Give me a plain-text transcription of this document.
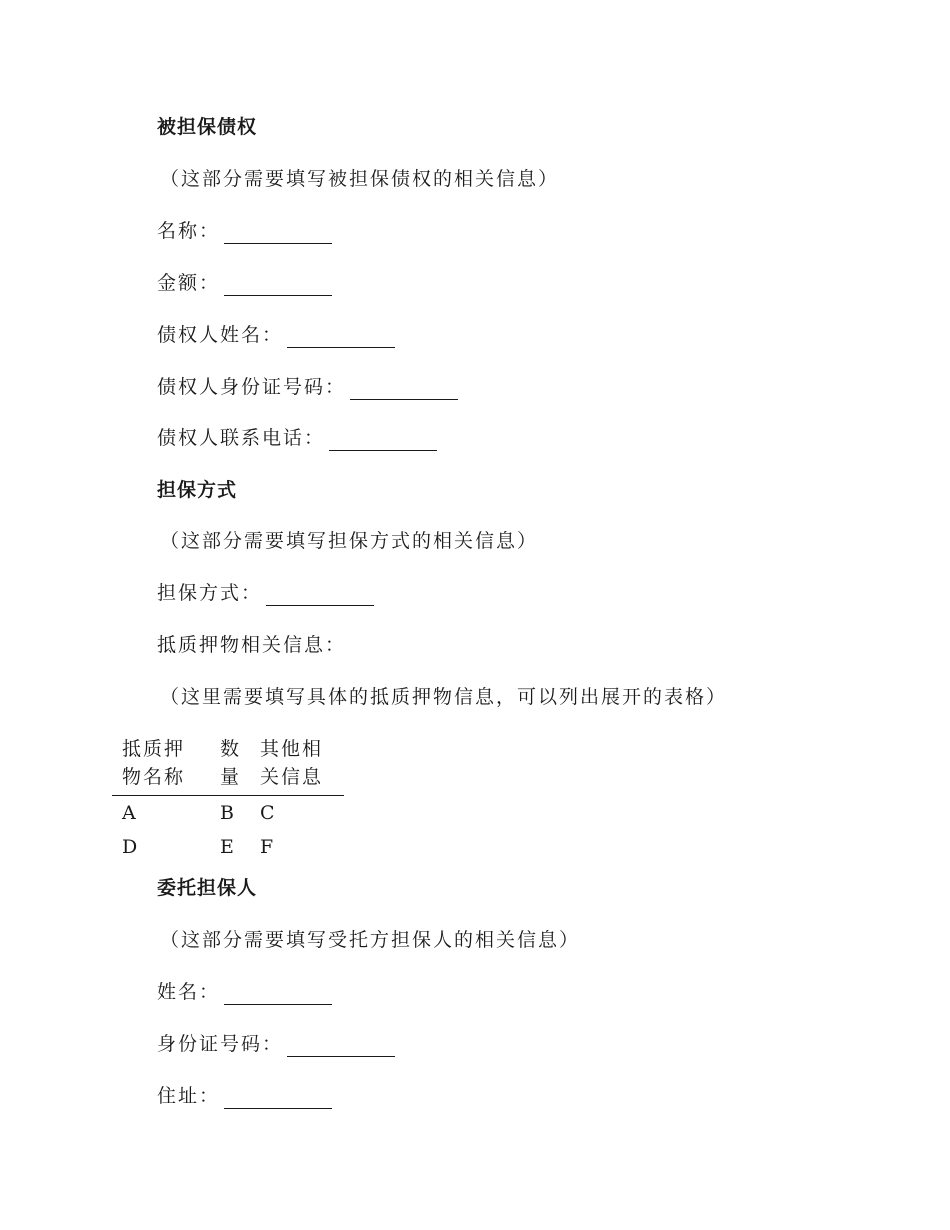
被担保债权
（这部分需要填写被担保债权的相关信息）
名称：
金额：
债权人姓名：
债权人身份证号码：
债权人联系电话：
担保方式
（这部分需要填写担保方式的相关信息）
担保方式：
抵质押物相关信息：
（这里需要填写具体的抵质押物信息，可以列出展开的表格）
抵质押物名称	数量	其他相关信息
A	B	C
D	E	F
委托担保人
（这部分需要填写受托方担保人的相关信息）
姓名：
身份证号码：
住址：
